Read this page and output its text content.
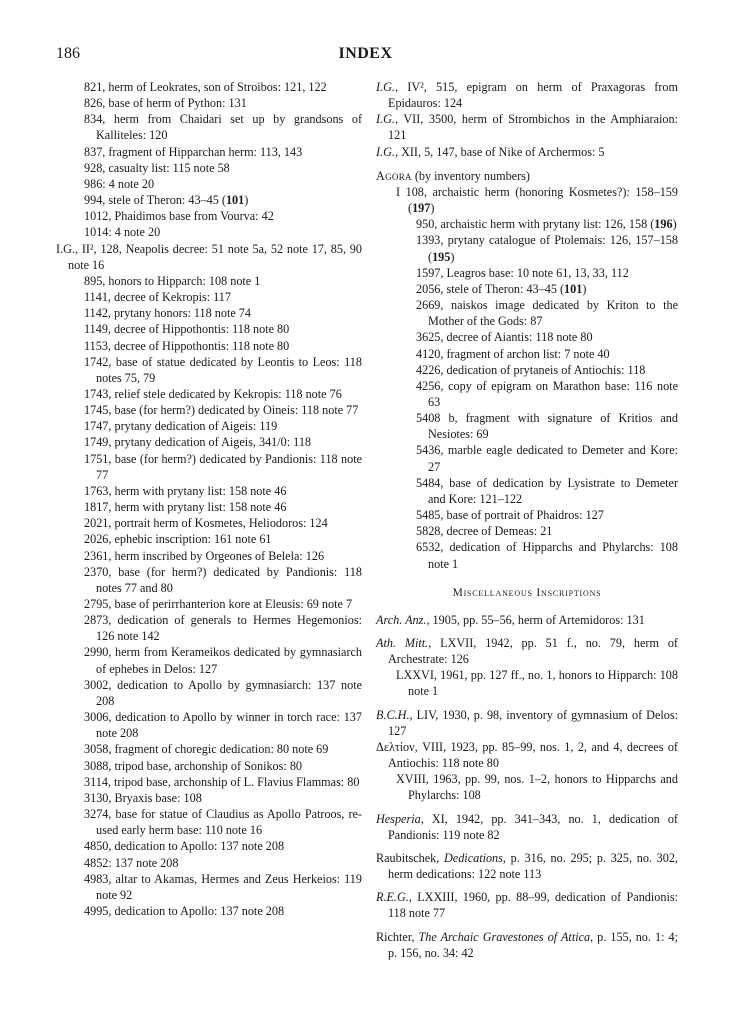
186	INDEX
821, herm of Leokrates, son of Stroibos: 121, 122
826, base of herm of Python: 131
834, herm from Chaidari set up by grandsons of Kalliteles: 120
837, fragment of Hipparchan herm: 113, 143
928, casualty list: 115 note 58
986: 4 note 20
994, stele of Theron: 43–45 (101)
1012, Phaidimos base from Vourva: 42
1014: 4 note 20
I.G., II², 128, Neapolis decree: 51 note 5a, 52 note 17, 85, 90 note 16
895, honors to Hipparch: 108 note 1
1141, decree of Kekropis: 117
1142, prytany honors: 118 note 74
1149, decree of Hippothontis: 118 note 80
1153, decree of Hippothontis: 118 note 80
1742, base of statue dedicated by Leontis to Leos: 118 notes 75, 79
1743, relief stele dedicated by Kekropis: 118 note 76
1745, base (for herm?) dedicated by Oineis: 118 note 77
1747, prytany dedication of Aigeis: 119
1749, prytany dedication of Aigeis, 341/0: 118
1751, base (for herm?) dedicated by Pandionis: 118 note 77
1763, herm with prytany list: 158 note 46
1817, herm with prytany list: 158 note 46
2021, portrait herm of Kosmetes, Heliodoros: 124
2026, ephebic inscription: 161 note 61
2361, herm inscribed by Orgeones of Belela: 126
2370, base (for herm?) dedicated by Pandionis: 118 notes 77 and 80
2795, base of perirrhanterion kore at Eleusis: 69 note 7
2873, dedication of generals to Hermes Hegemonios: 126 note 142
2990, herm from Kerameikos dedicated by gymnasiarch of ephebes in Delos: 127
3002, dedication to Apollo by gymnasiarch: 137 note 208
3006, dedication to Apollo by winner in torch race: 137 note 208
3058, fragment of choregic dedication: 80 note 69
3088, tripod base, archonship of Sonikos: 80
3114, tripod base, archonship of L. Flavius Flammas: 80
3130, Bryaxis base: 108
3274, base for statue of Claudius as Apollo Patroos, re-used early herm base: 110 note 16
4850, dedication to Apollo: 137 note 208
4852: 137 note 208
4983, altar to Akamas, Hermes and Zeus Herkeios: 119 note 92
4995, dedication to Apollo: 137 note 208
I.G., IV², 515, epigram on herm of Praxagoras from Epidauros: 124
I.G., VII, 3500, herm of Strombichos in the Amphiaraion: 121
I.G., XII, 5, 147, base of Nike of Archermos: 5
Agora (by inventory numbers)
I 108, archaistic herm (honoring Kosmetes?): 158–159 (197)
950, archaistic herm with prytany list: 126, 158 (196)
1393, prytany catalogue of Ptolemais: 126, 157–158 (195)
1597, Leagros base: 10 note 61, 13, 33, 112
2056, stele of Theron: 43–45 (101)
2669, naiskos image dedicated by Kriton to the Mother of the Gods: 87
3625, decree of Aiantis: 118 note 80
4120, fragment of archon list: 7 note 40
4226, dedication of prytaneis of Antiochis: 118
4256, copy of epigram on Marathon base: 116 note 63
5408 b, fragment with signature of Kritios and Nesiotes: 69
5436, marble eagle dedicated to Demeter and Kore: 27
5484, base of dedication by Lysistrate to Demeter and Kore: 121–122
5485, base of portrait of Phaidros: 127
5828, decree of Demeas: 21
6532, dedication of Hipparchs and Phylarchs: 108 note 1
Miscellaneous Inscriptions
Arch. Anz., 1905, pp. 55–56, herm of Artemidoros: 131
Ath. Mitt., LXVII, 1942, pp. 51 f., no. 79, herm of Archestrate: 126
LXXVI, 1961, pp. 127 ff., no. 1, honors to Hipparch: 108 note 1
B.C.H., LIV, 1930, p. 98, inventory of gymnasium of Delos: 127
Δελτίον, VIII, 1923, pp. 85–99, nos. 1, 2, and 4, decrees of Antiochis: 118 note 80
XVIII, 1963, pp. 99, nos. 1–2, honors to Hipparchs and Phylarchs: 108
Hesperia, XI, 1942, pp. 341–343, no. 1, dedication of Pandionis: 119 note 82
Raubitschek, Dedications, p. 316, no. 295; p. 325, no. 302, herm dedications: 122 note 113
R.E.G., LXXIII, 1960, pp. 88–99, dedication of Pandionis: 118 note 77
Richter, The Archaic Gravestones of Attica, p. 155, no. 1: 4; p. 156, no. 34: 42
